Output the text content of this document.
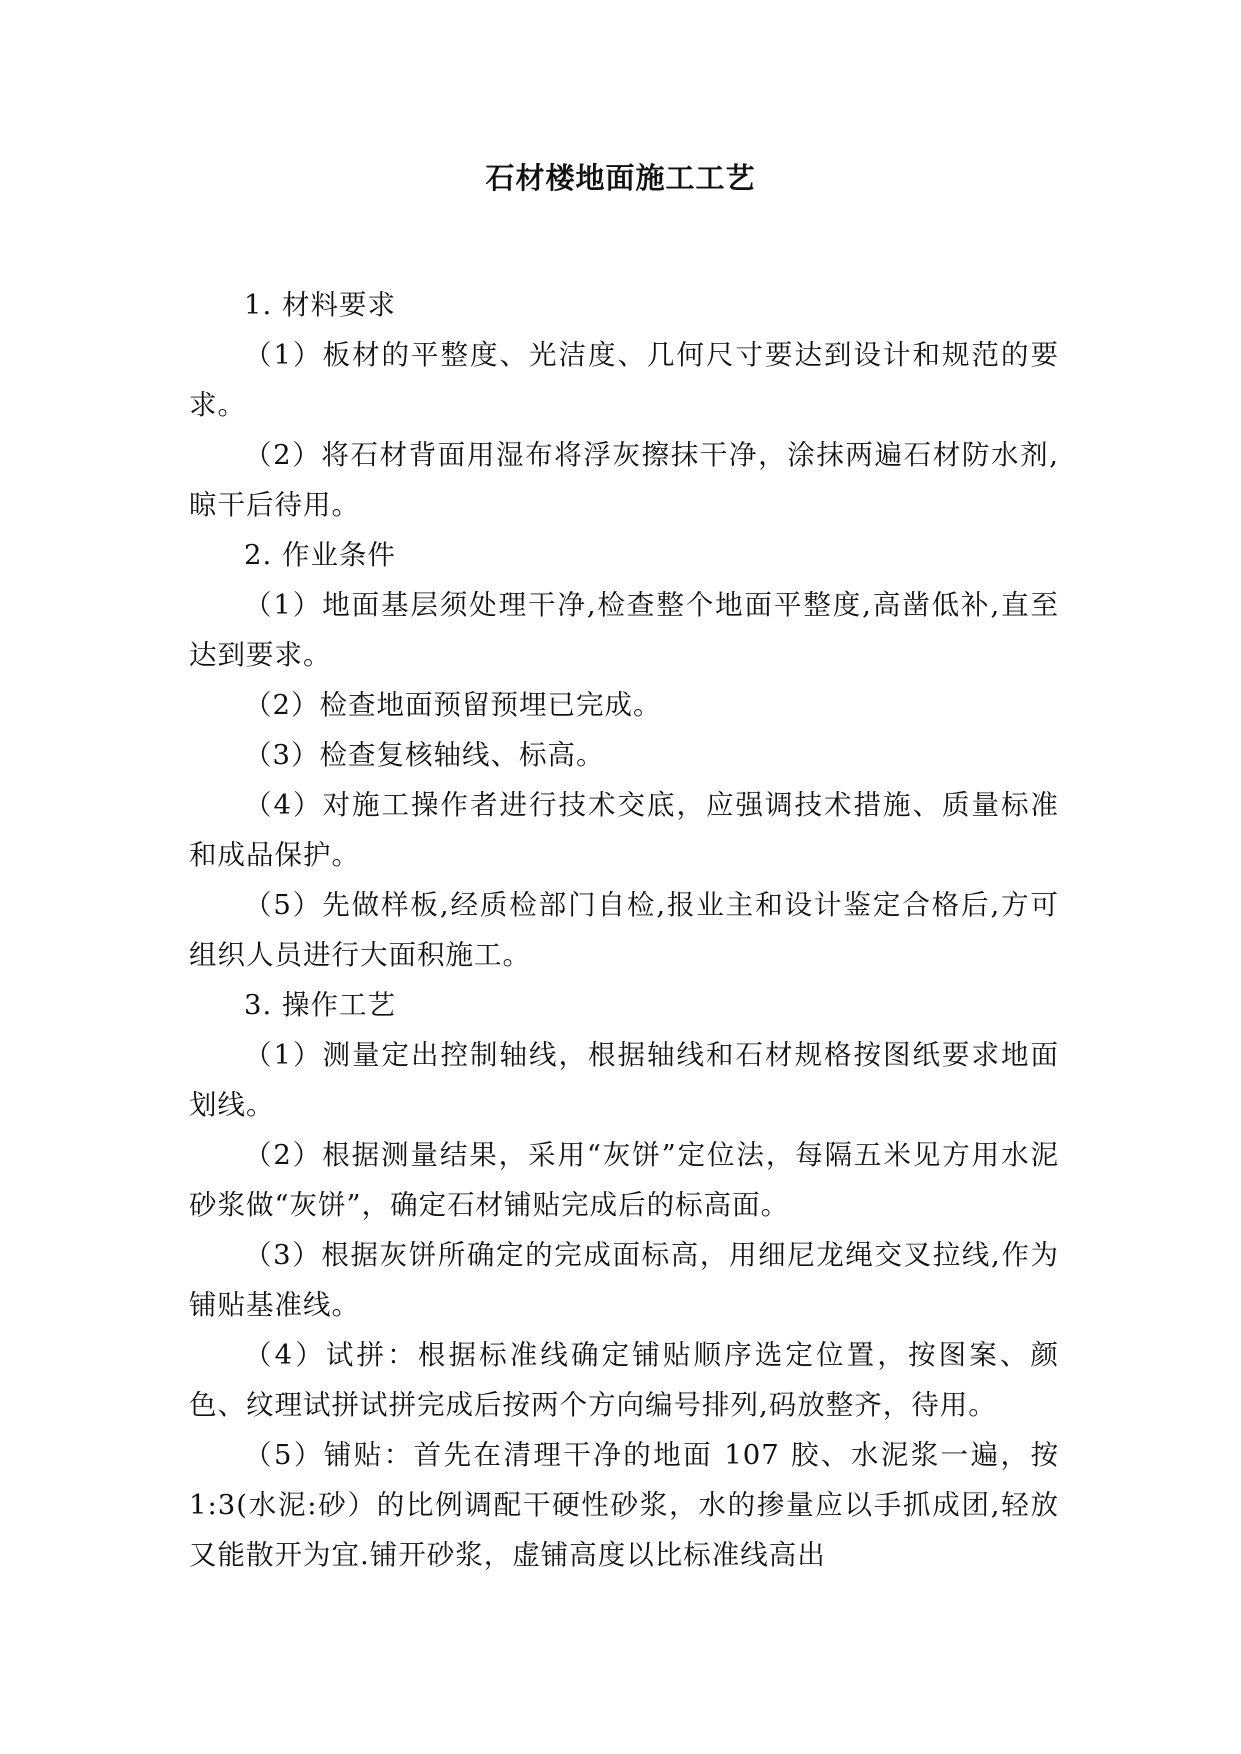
石材楼地面施工工艺

1. 材料要求

（1）板材的平整度、光洁度、几何尺寸要达到设计和规范的要求。

（2）将石材背面用湿布将浮灰擦抹干净，涂抹两遍石材防水剂,晾干后待用。

2. 作业条件

（1）地面基层须处理干净,检查整个地面平整度,高凿低补,直至达到要求。

（2）检查地面预留预埋已完成。

（3）检查复核轴线、标高。

（4）对施工操作者进行技术交底，应强调技术措施、质量标准和成品保护。

（5）先做样板,经质检部门自检,报业主和设计鉴定合格后,方可组织人员进行大面积施工。

3. 操作工艺

（1）测量定出控制轴线，根据轴线和石材规格按图纸要求地面划线。

（2）根据测量结果，采用“灰饼”定位法，每隔五米见方用水泥砂浆做“灰饼”，确定石材铺贴完成后的标高面。

（3）根据灰饼所确定的完成面标高，用细尼龙绳交叉拉线,作为铺贴基准线。

（4）试拼：根据标准线确定铺贴顺序选定位置，按图案、颜色、纹理试拼试拼完成后按两个方向编号排列,码放整齐，待用。

（5）铺贴：首先在清理干净的地面 107 胶、水泥浆一遍，按 1:3(水泥:砂）的比例调配干硬性砂浆，水的掺量应以手抓成团,轻放又能散开为宜.铺开砂浆，虚铺高度以比标准线高出
